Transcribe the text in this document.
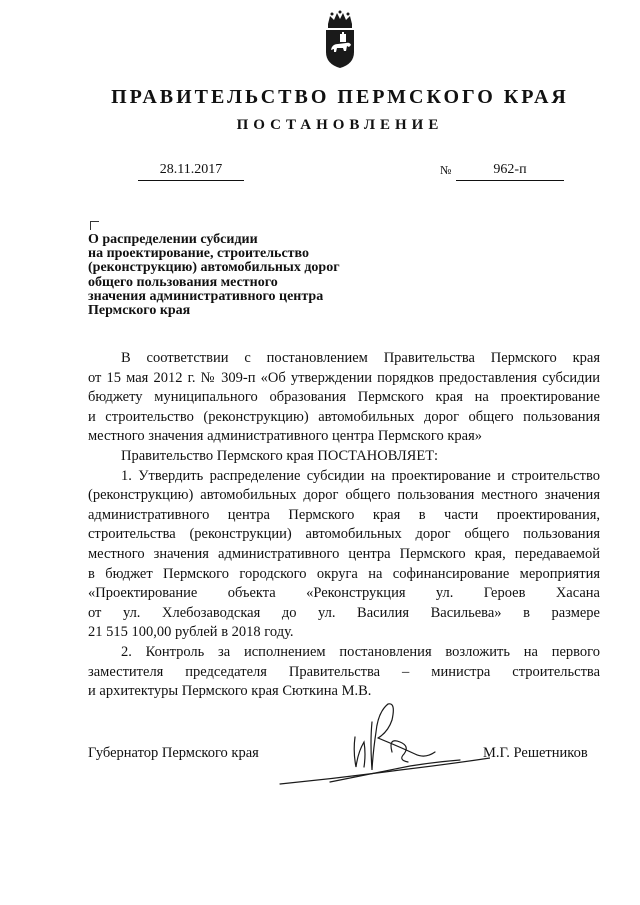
ПРАВИТЕЛЬСТВО ПЕРМСКОГО КРАЯ
ПОСТАНОВЛЕНИЕ
28.11.2017	№	962-п
О распределении субсидии
на проектирование, строительство
(реконструкцию) автомобильных дорог
общего пользования местного
значения административного центра
Пермского края
В соответствии с постановлением Правительства Пермского края
от 15 мая 2012 г. № 309-п «Об утверждении порядков предоставления субсидии
бюджету муниципального образования Пермского края на проектирование
и строительство (реконструкцию) автомобильных дорог общего пользования
местного значения административного центра Пермского края»
Правительство Пермского края ПОСТАНОВЛЯЕТ:
1. Утвердить распределение субсидии на проектирование и строительство
(реконструкцию) автомобильных дорог общего пользования местного значения
административного центра Пермского края в части проектирования,
строительства (реконструкции) автомобильных дорог общего пользования
местного значения административного центра Пермского края, передаваемой
в бюджет Пермского городского округа на софинансирование мероприятия
«Проектирование объекта «Реконструкция ул. Героев Хасана
от ул. Хлебозаводская до ул. Василия Васильева» в размере
21 515 100,00 рублей в 2018 году.
2. Контроль за исполнением постановления возложить на первого
заместителя председателя Правительства – министра строительства
и архитектуры Пермского края Сюткина М.В.
Губернатор Пермского края	М.Г. Решетников
